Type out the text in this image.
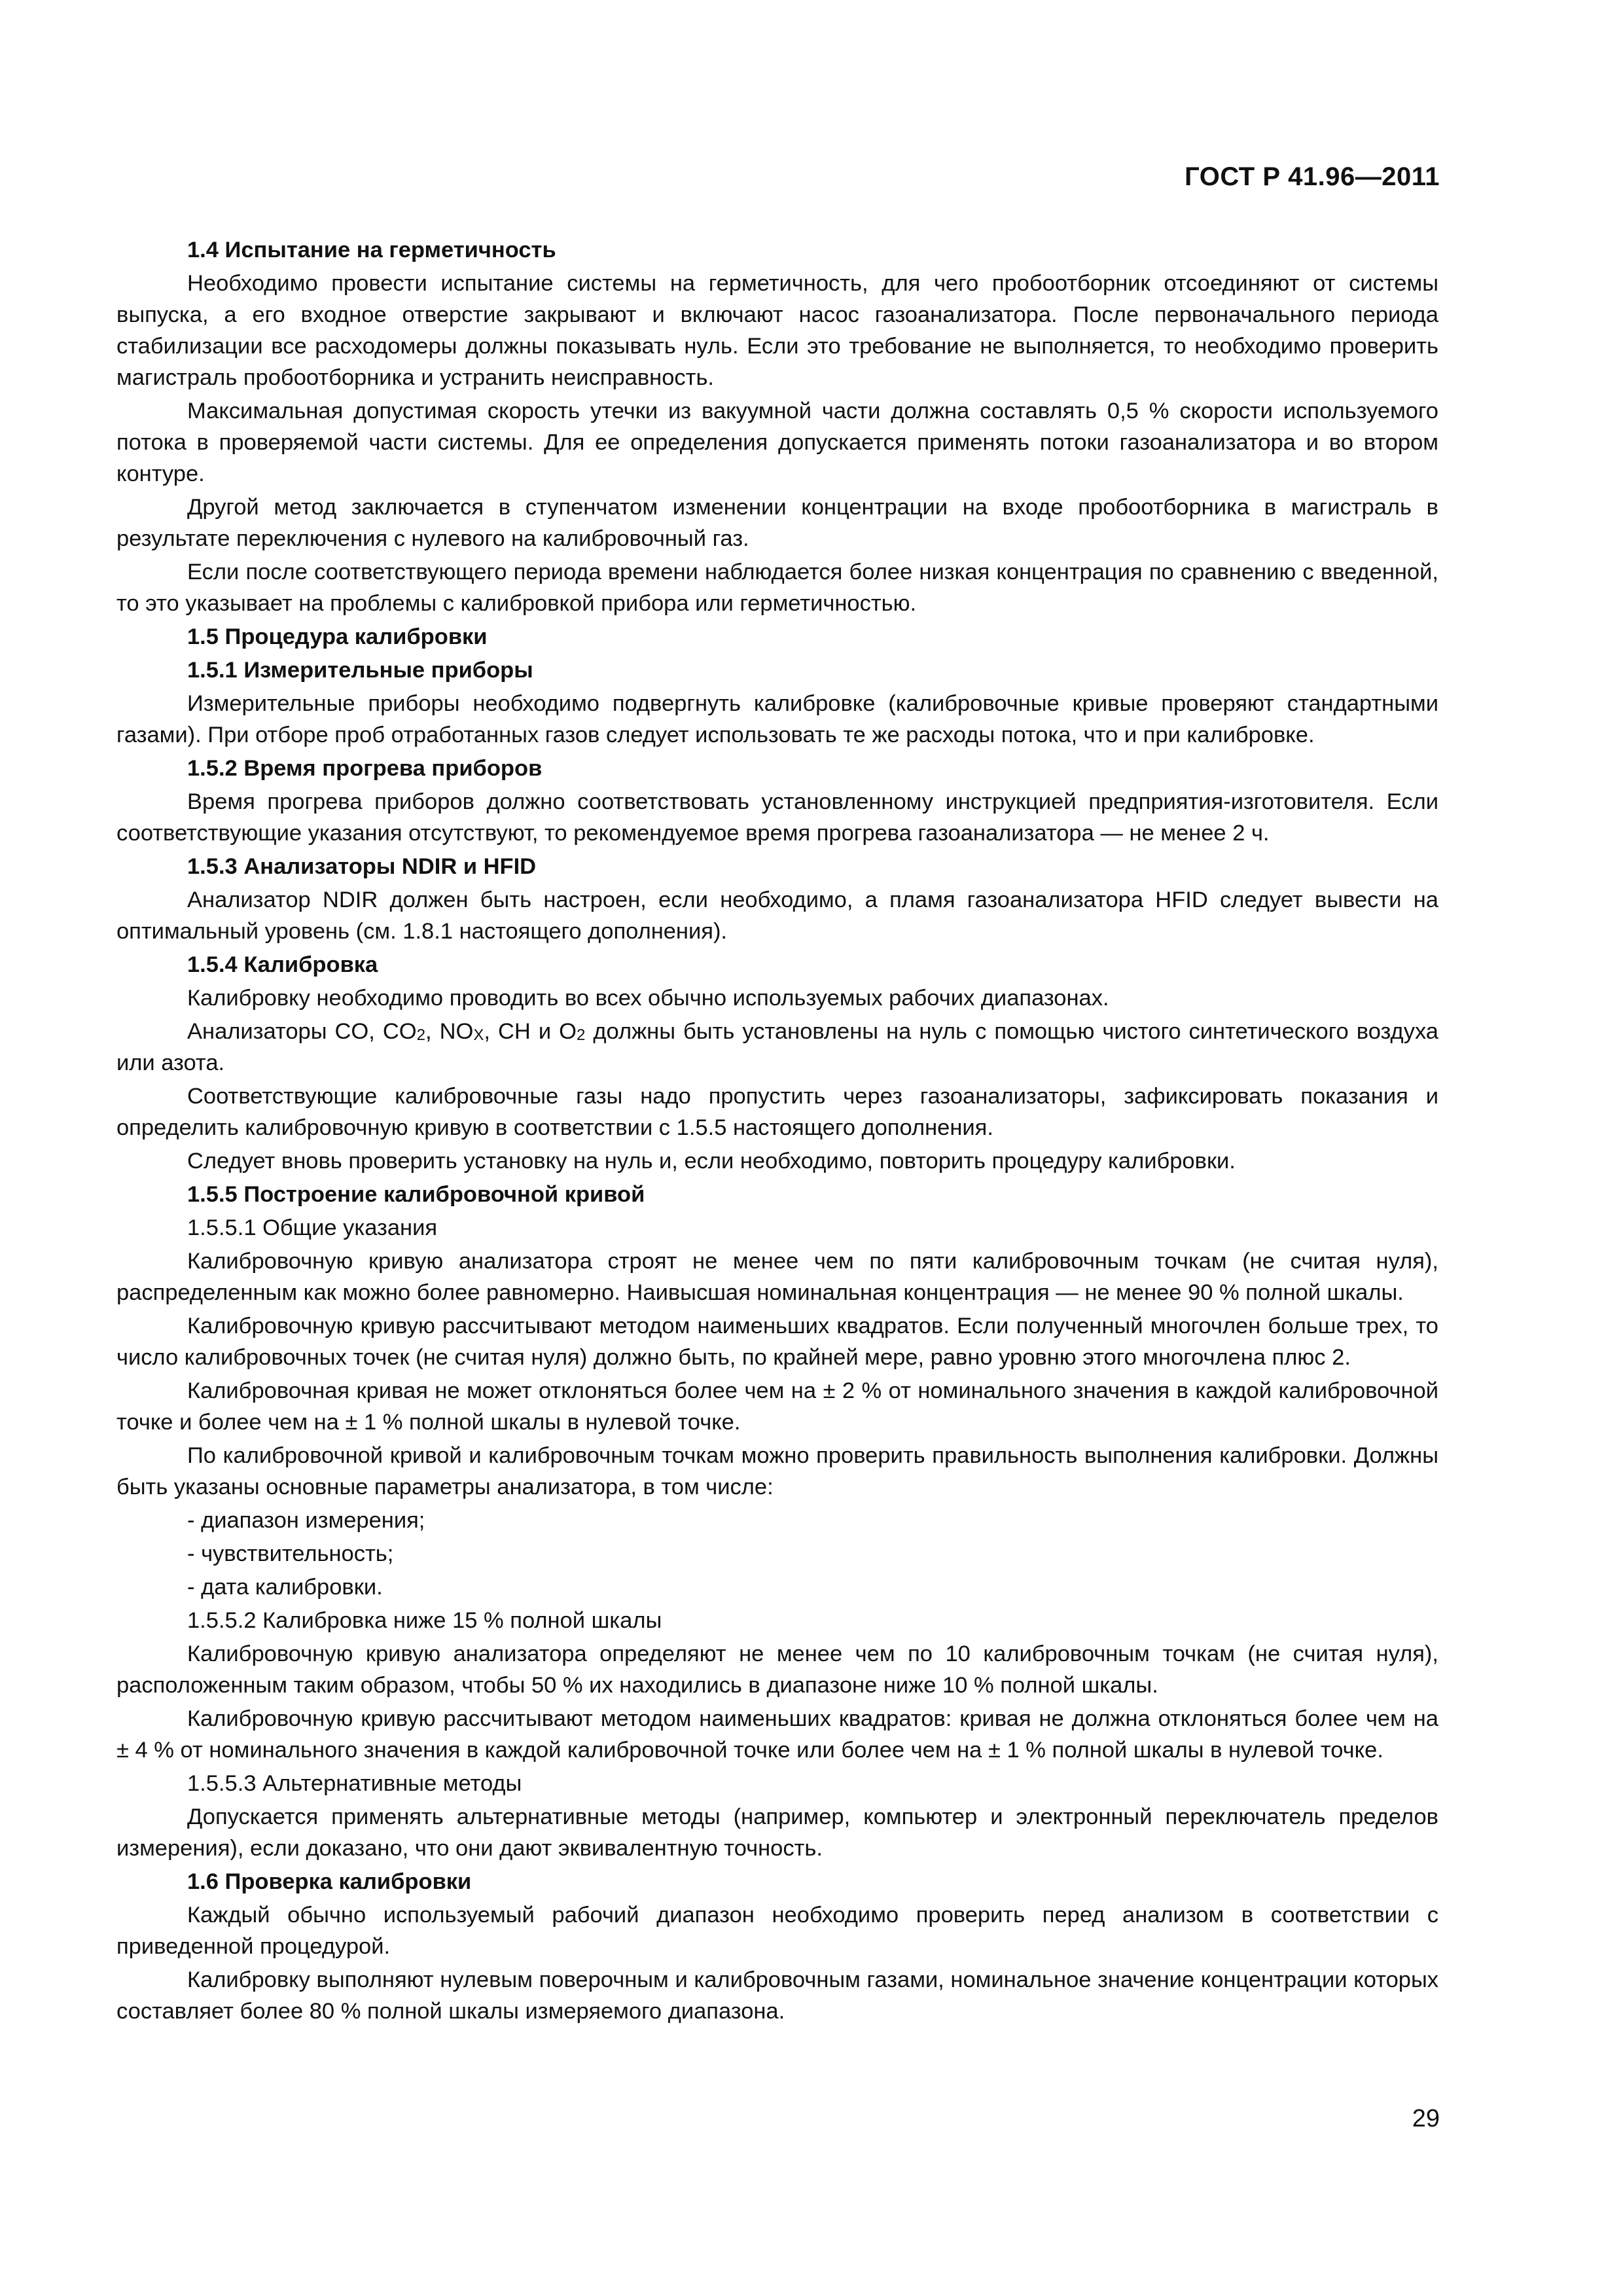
ГОСТ Р 41.96—2011
1.4 Испытание на герметичность
Необходимо провести испытание системы на герметичность, для чего пробоотборник отсоединяют от системы выпуска, а его входное отверстие закрывают и включают насос газоанализатора. После первоначального периода стабилизации все расходомеры должны показывать нуль. Если это требование не выполняется, то необходимо проверить магистраль пробоотборника и устранить неисправность.
Максимальная допустимая скорость утечки из вакуумной части должна составлять 0,5 % скорости используемого потока в проверяемой части системы. Для ее определения допускается применять потоки газоанализатора и во втором контуре.
Другой метод заключается в ступенчатом изменении концентрации на входе пробоотборника в магистраль в результате переключения с нулевого на калибровочный газ.
Если после соответствующего периода времени наблюдается более низкая концентрация по сравнению с введенной, то это указывает на проблемы с калибровкой прибора или герметичностью.
1.5 Процедура калибровки
1.5.1 Измерительные приборы
Измерительные приборы необходимо подвергнуть калибровке (калибровочные кривые проверяют стандартными газами). При отборе проб отработанных газов следует использовать те же расходы потока, что и при калибровке.
1.5.2 Время прогрева приборов
Время прогрева приборов должно соответствовать установленному инструкцией предприятия-изготовителя. Если соответствующие указания отсутствуют, то рекомендуемое время прогрева газоанализатора — не менее 2 ч.
1.5.3 Анализаторы NDIR и HFID
Анализатор NDIR должен быть настроен, если необходимо, а пламя газоанализатора HFID следует вывести на оптимальный уровень (см. 1.8.1 настоящего дополнения).
1.5.4 Калибровка
Калибровку необходимо проводить во всех обычно используемых рабочих диапазонах.
Анализаторы CO, $CO_2$, $NO_X$, CH и $O_2$ должны быть установлены на нуль с помощью чистого синтетического воздуха или азота.
Соответствующие калибровочные газы надо пропустить через газоанализаторы, зафиксировать показания и определить калибровочную кривую в соответствии с 1.5.5 настоящего дополнения.
Следует вновь проверить установку на нуль и, если необходимо, повторить процедуру калибровки.
1.5.5 Построение калибровочной кривой
1.5.5.1 Общие указания
Калибровочную кривую анализатора строят не менее чем по пяти калибровочным точкам (не считая нуля), распределенным как можно более равномерно. Наивысшая номинальная концентрация — не менее 90 % полной шкалы.
Калибровочную кривую рассчитывают методом наименьших квадратов. Если полученный многочлен больше трех, то число калибровочных точек (не считая нуля) должно быть, по крайней мере, равно уровню этого многочлена плюс 2.
Калибровочная кривая не может отклоняться более чем на ± 2 % от номинального значения в каждой калибровочной точке и более чем на ± 1 % полной шкалы в нулевой точке.
По калибровочной кривой и калибровочным точкам можно проверить правильность выполнения калибровки. Должны быть указаны основные параметры анализатора, в том числе:
- диапазон измерения;
- чувствительность;
- дата калибровки.
1.5.5.2 Калибровка ниже 15 % полной шкалы
Калибровочную кривую анализатора определяют не менее чем по 10 калибровочным точкам (не считая нуля), расположенным таким образом, чтобы 50 % их находились в диапазоне ниже 10 % полной шкалы.
Калибровочную кривую рассчитывают методом наименьших квадратов: кривая не должна отклоняться более чем на ± 4 % от номинального значения в каждой калибровочной точке или более чем на ± 1 % полной шкалы в нулевой точке.
1.5.5.3 Альтернативные методы
Допускается применять альтернативные методы (например, компьютер и электронный переключатель пределов измерения), если доказано, что они дают эквивалентную точность.
1.6 Проверка калибровки
Каждый обычно используемый рабочий диапазон необходимо проверить перед анализом в соответствии с приведенной процедурой.
Калибровку выполняют нулевым поверочным и калибровочным газами, номинальное значение концентрации которых составляет более 80 % полной шкалы измеряемого диапазона.
29
